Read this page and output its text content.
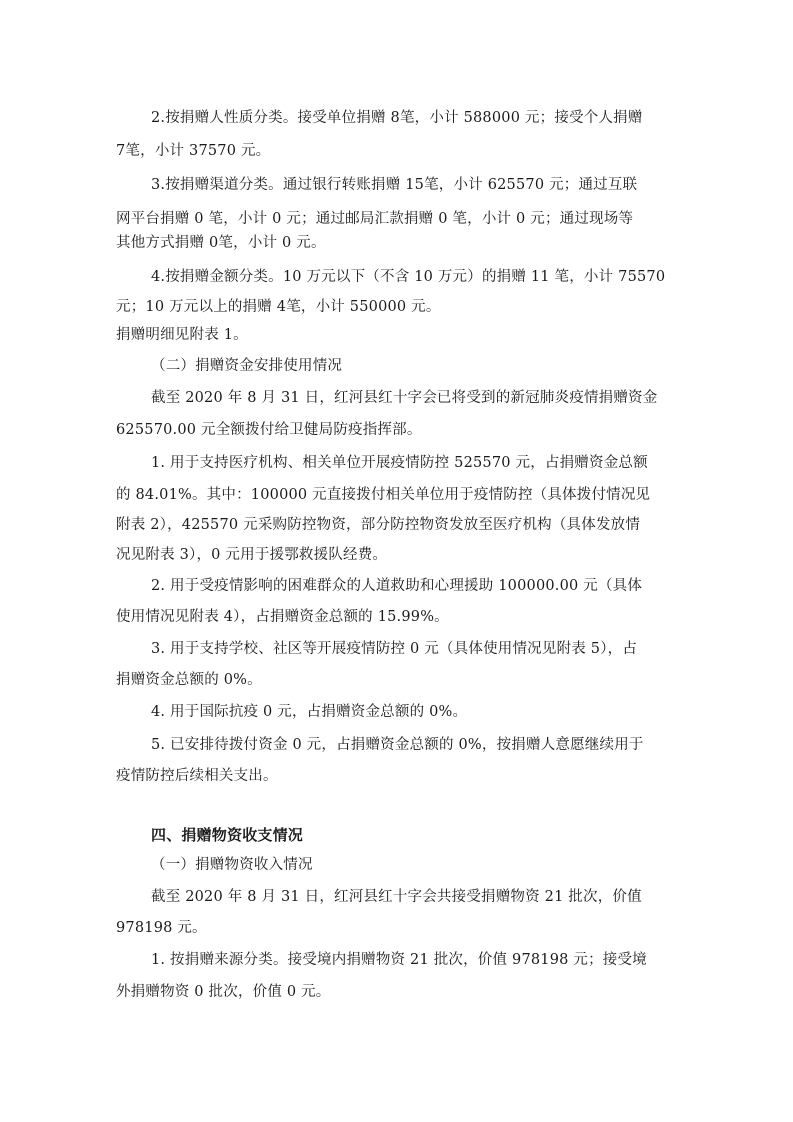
2.按捐赠人性质分类。接受单位捐赠 8笔，小计 588000 元；接受个人捐赠
7笔，小计 37570 元。
3.按捐赠渠道分类。通过银行转账捐赠 15笔，小计 625570 元；通过互联
网平台捐赠 0 笔，小计 0 元；通过邮局汇款捐赠 0 笔，小计 0 元；通过现场等
其他方式捐赠 0笔，小计 0 元。
4.按捐赠金额分类。10 万元以下（不含 10 万元）的捐赠 11 笔，小计 75570
元；10 万元以上的捐赠 4笔，小计 550000 元。
捐赠明细见附表 1。
（二）捐赠资金安排使用情况
截至 2020 年 8 月 31 日，红河县红十字会已将受到的新冠肺炎疫情捐赠资金
625570.00 元全额拨付给卫健局防疫指挥部。
1. 用于支持医疗机构、相关单位开展疫情防控 525570 元，占捐赠资金总额
的 84.01%。其中：100000 元直接拨付相关单位用于疫情防控（具体拨付情况见
附表 2），425570 元采购防控物资，部分防控物资发放至医疗机构（具体发放情
况见附表 3），0 元用于援鄂救援队经费。
2. 用于受疫情影响的困难群众的人道救助和心理援助 100000.00 元（具体
使用情况见附表 4），占捐赠资金总额的 15.99%。
3. 用于支持学校、社区等开展疫情防控 0 元（具体使用情况见附表 5），占
捐赠资金总额的 0%。
4. 用于国际抗疫 0 元，占捐赠资金总额的 0%。
5. 已安排待拨付资金 0 元，占捐赠资金总额的 0%，按捐赠人意愿继续用于
疫情防控后续相关支出。
四、捐赠物资收支情况
（一）捐赠物资收入情况
截至 2020 年 8 月 31 日，红河县红十字会共接受捐赠物资 21 批次，价值
978198 元。
1. 按捐赠来源分类。接受境内捐赠物资 21 批次，价值 978198 元；接受境
外捐赠物资 0 批次，价值 0 元。
